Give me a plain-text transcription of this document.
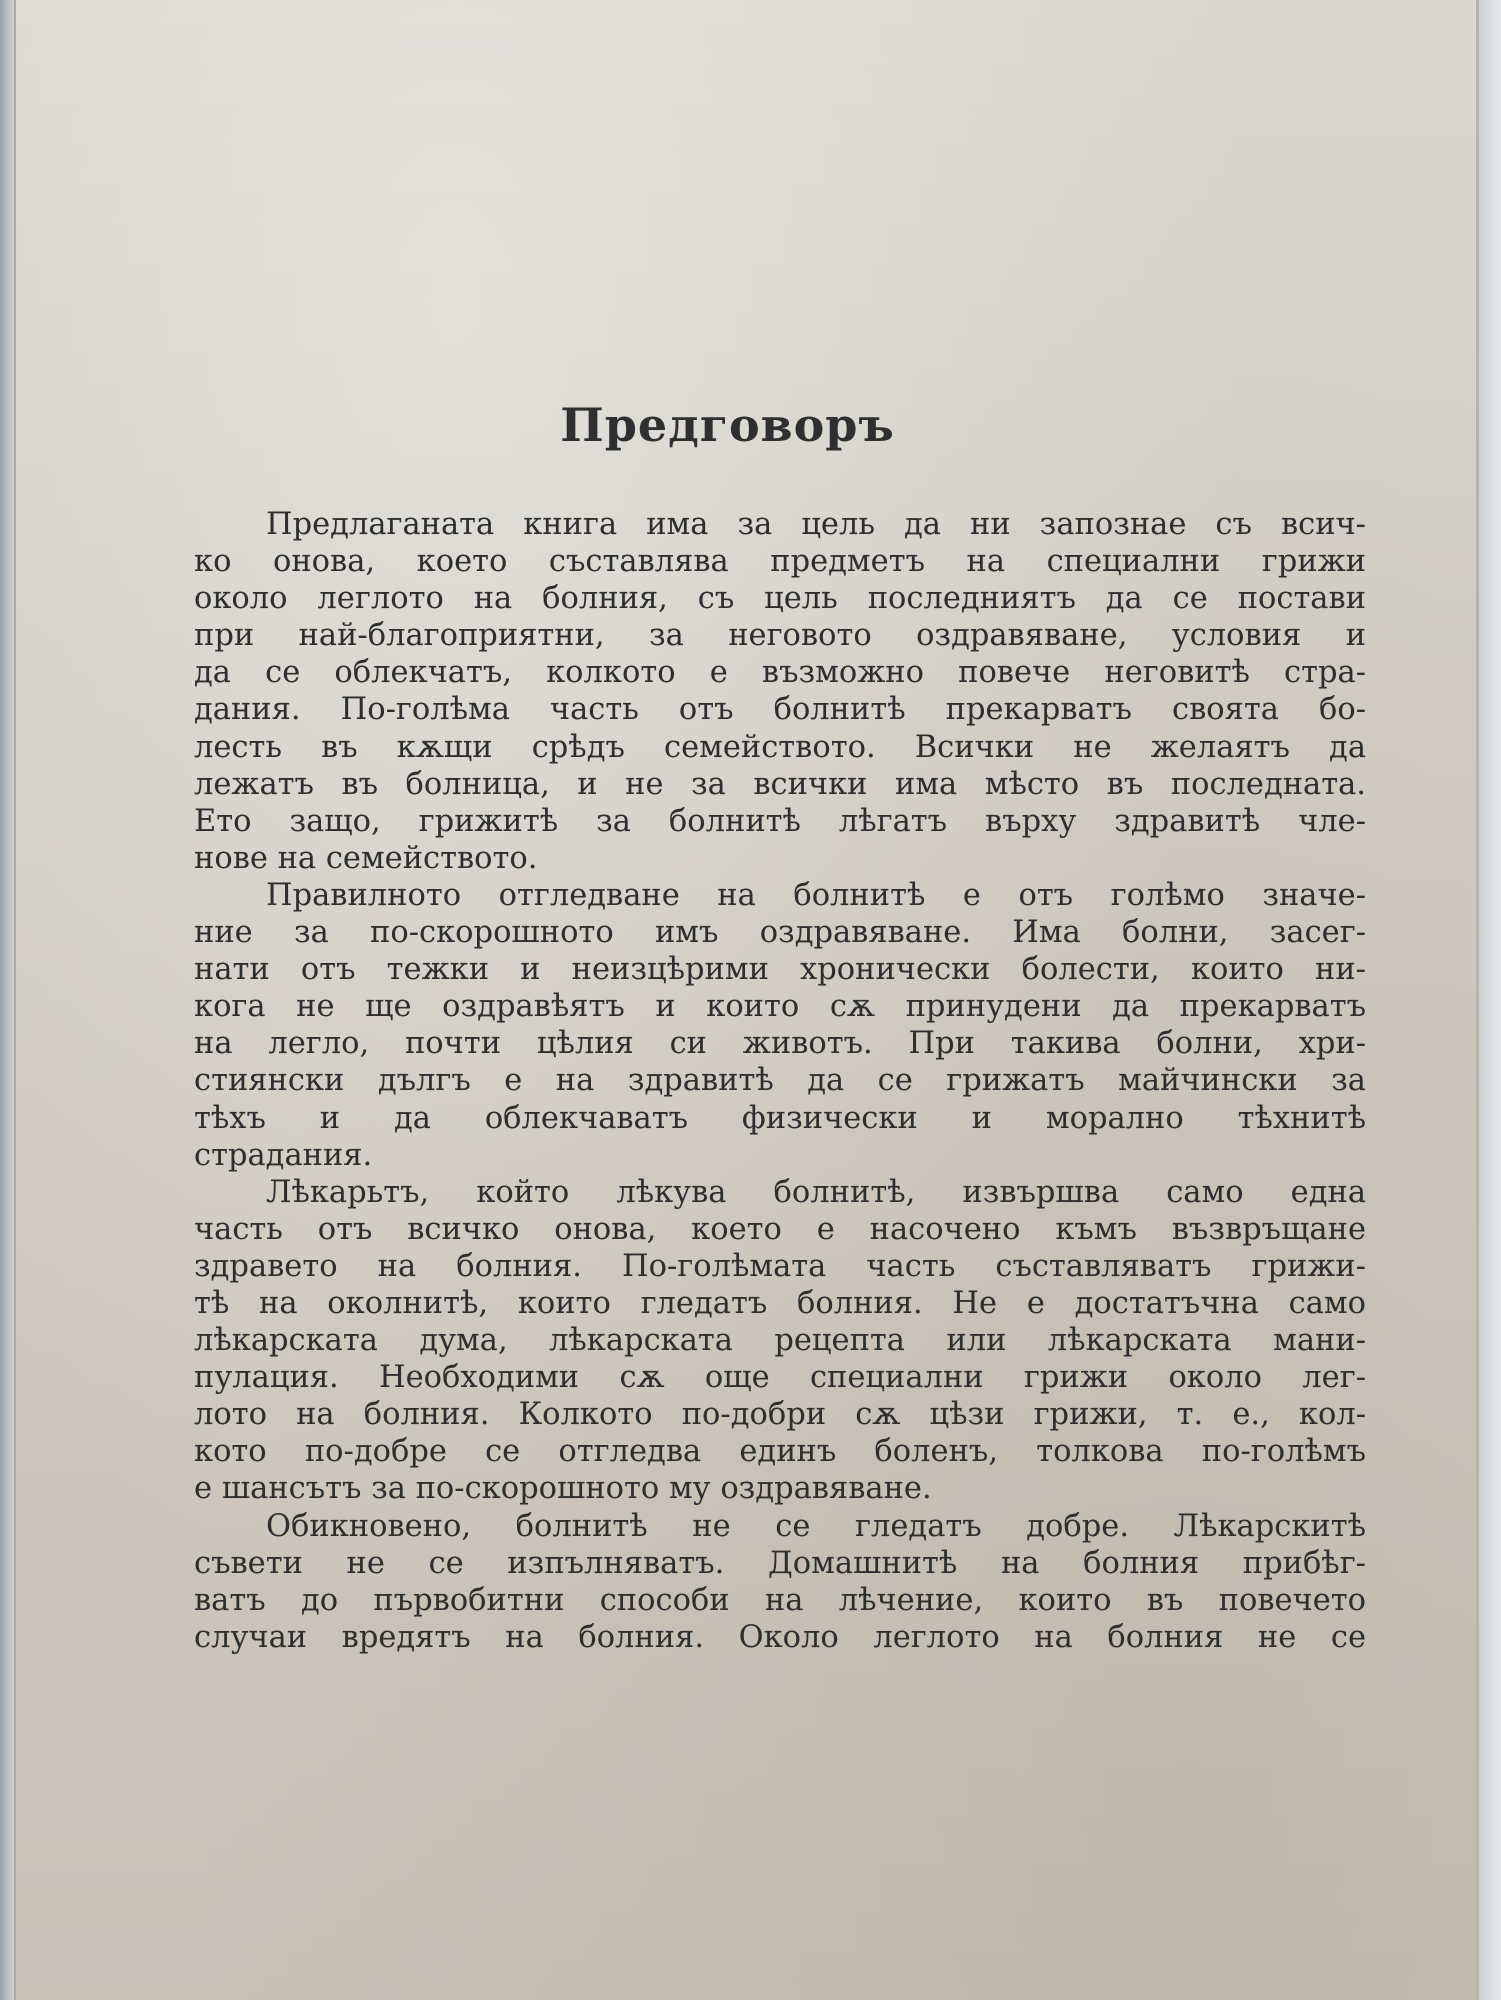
Предговоръ
Предлаганата книга има за цель да ни запознае съ всич-
ко онова, което съставлява предметъ на специални грижи
около леглото на болния, съ цель последниятъ да се постави
при най-благоприятни, за неговото оздравяване, условия и
да се облекчатъ, колкото е възможно повече неговитѣ стра-
дания. По-голѣма часть отъ болнитѣ прекарватъ своята бо-
лесть въ кѫщи срѣдъ семейството. Всички не желаятъ да
лежатъ въ болница, и не за всички има мѣсто въ последната.
Ето защо, грижитѣ за болнитѣ лѣгатъ върху здравитѣ чле-
нове на семейството.
Правилното отгледване на болнитѣ е отъ голѣмо значе-
ние за по-скорошното имъ оздравяване. Има болни, засег-
нати отъ тежки и неизцѣрими хронически болести, които ни-
кога не ще оздравѣятъ и които сѫ принудени да прекарватъ
на легло, почти цѣлия си животъ. При такива болни, хри-
стиянски дългъ е на здравитѣ да се грижатъ майчински за
тѣхъ и да облекчаватъ физически и морално тѣхнитѣ
страдания.
Лѣкарьтъ, който лѣкува болнитѣ, извършва само една
часть отъ всичко онова, което е насочено къмъ възвръщане
здравето на болния. По-голѣмата часть съставляватъ грижи-
тѣ на околнитѣ, които гледатъ болния. Не е достатъчна само
лѣкарската дума, лѣкарската рецепта или лѣкарската мани-
пулация. Необходими сѫ още специални грижи около лег-
лото на болния. Колкото по-добри сѫ цѣзи грижи, т. е., кол-
кото по-добре се отгледва единъ боленъ, толкова по-голѣмъ
е шансътъ за по-скорошното му оздравяване.
Обикновено, болнитѣ не се гледатъ добре. Лѣкарскитѣ
съвети не се изпълняватъ. Домашнитѣ на болния прибѣг-
ватъ до първобитни способи на лѣчение, които въ повечето
случаи вредятъ на болния. Около леглото на болния не се
